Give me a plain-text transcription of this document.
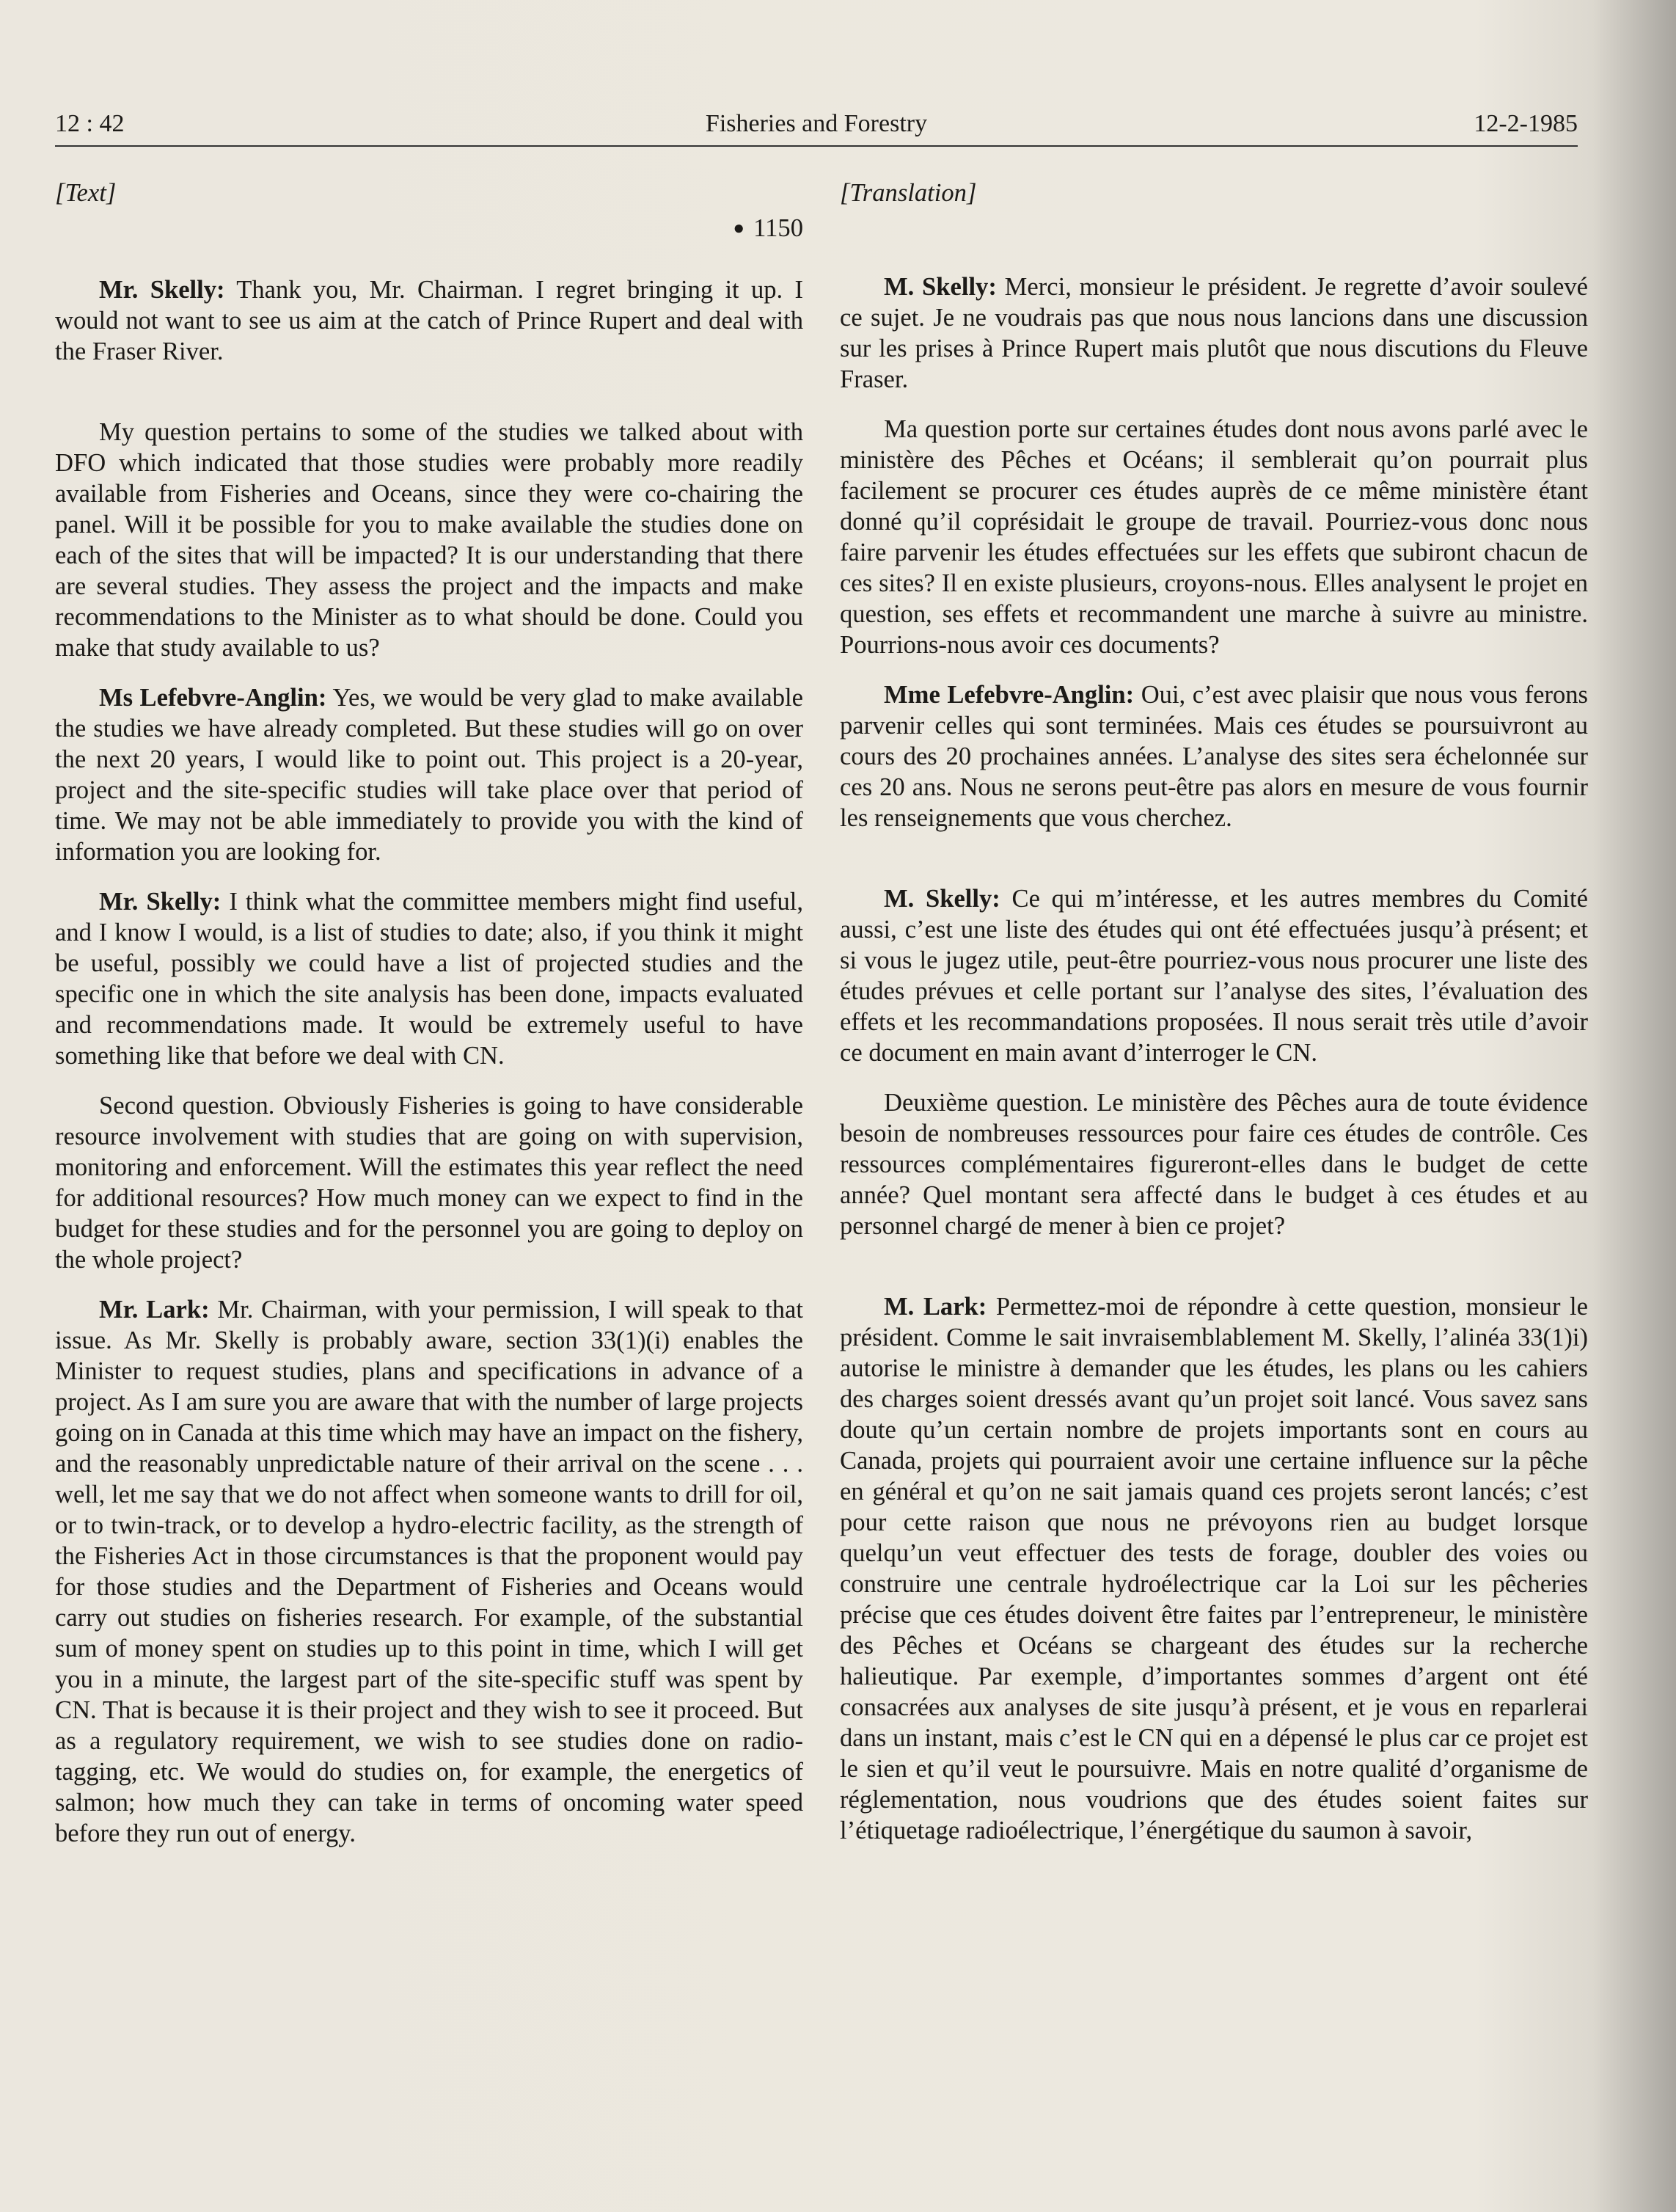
12 : 42	Fisheries and Forestry	12-2-1985
[Text]
● 1150

Mr. Skelly: Thank you, Mr. Chairman. I regret bringing it up. I would not want to see us aim at the catch of Prince Rupert and deal with the Fraser River.

My question pertains to some of the studies we talked about with DFO which indicated that those studies were probably more readily available from Fisheries and Oceans, since they were co-chairing the panel. Will it be possible for you to make available the studies done on each of the sites that will be impacted? It is our understanding that there are several studies. They assess the project and the impacts and make recommendations to the Minister as to what should be done. Could you make that study available to us?

Ms Lefebvre-Anglin: Yes, we would be very glad to make available the studies we have already completed. But these studies will go on over the next 20 years, I would like to point out. This project is a 20-year, project and the site-specific studies will take place over that period of time. We may not be able immediately to provide you with the kind of information you are looking for.

Mr. Skelly: I think what the committee members might find useful, and I know I would, is a list of studies to date; also, if you think it might be useful, possibly we could have a list of projected studies and the specific one in which the site analysis has been done, impacts evaluated and recommendations made. It would be extremely useful to have something like that before we deal with CN.

Second question. Obviously Fisheries is going to have considerable resource involvement with studies that are going on with supervision, monitoring and enforcement. Will the estimates this year reflect the need for additional resources? How much money can we expect to find in the budget for these studies and for the personnel you are going to deploy on the whole project?

Mr. Lark: Mr. Chairman, with your permission, I will speak to that issue. As Mr. Skelly is probably aware, section 33(1)(i) enables the Minister to request studies, plans and specifications in advance of a project. As I am sure you are aware that with the number of large projects going on in Canada at this time which may have an impact on the fishery, and the reasonably unpredictable nature of their arrival on the scene . . . well, let me say that we do not affect when someone wants to drill for oil, or to twin-track, or to develop a hydro-electric facility, as the strength of the Fisheries Act in those circumstances is that the proponent would pay for those studies and the Department of Fisheries and Oceans would carry out studies on fisheries research. For example, of the substantial sum of money spent on studies up to this point in time, which I will get you in a minute, the largest part of the site-specific stuff was spent by CN. That is because it is their project and they wish to see it proceed. But as a regulatory requirement, we wish to see studies done on radio-tagging, etc. We would do studies on, for example, the energetics of salmon; how much they can take in terms of oncoming water speed before they run out of energy.

[Translation]

M. Skelly: Merci, monsieur le président. Je regrette d’avoir soulevé ce sujet. Je ne voudrais pas que nous nous lancions dans une discussion sur les prises à Prince Rupert mais plutôt que nous discutions du Fleuve Fraser.

Ma question porte sur certaines études dont nous avons parlé avec le ministère des Pêches et Océans; il semblerait qu’on pourrait plus facilement se procurer ces études auprès de ce même ministère étant donné qu’il coprésidait le groupe de travail. Pourriez-vous donc nous faire parvenir les études effectuées sur les effets que subiront chacun de ces sites? Il en existe plusieurs, croyons-nous. Elles analysent le projet en question, ses effets et recommandent une marche à suivre au ministre. Pourrions-nous avoir ces documents?

Mme Lefebvre-Anglin: Oui, c’est avec plaisir que nous vous ferons parvenir celles qui sont terminées. Mais ces études se poursuivront au cours des 20 prochaines années. L’analyse des sites sera échelonnée sur ces 20 ans. Nous ne serons peut-être pas alors en mesure de vous fournir les renseignements que vous cherchez.

M. Skelly: Ce qui m’intéresse, et les autres membres du Comité aussi, c’est une liste des études qui ont été effectuées jusqu’à présent; et si vous le jugez utile, peut-être pourriez-vous nous procurer une liste des études prévues et celle portant sur l’analyse des sites, l’évaluation des effets et les recommandations proposées. Il nous serait très utile d’avoir ce document en main avant d’interroger le CN.

Deuxième question. Le ministère des Pêches aura de toute évidence besoin de nombreuses ressources pour faire ces études de contrôle. Ces ressources complémentaires figureront-elles dans le budget de cette année? Quel montant sera affecté dans le budget à ces études et au personnel chargé de mener à bien ce projet?

M. Lark: Permettez-moi de répondre à cette question, monsieur le président. Comme le sait invraisemblablement M. Skelly, l’alinéa 33(1)i) autorise le ministre à demander que les études, les plans ou les cahiers des charges soient dressés avant qu’un projet soit lancé. Vous savez sans doute qu’un certain nombre de projets importants sont en cours au Canada, projets qui pourraient avoir une certaine influence sur la pêche en général et qu’on ne sait jamais quand ces projets seront lancés; c’est pour cette raison que nous ne prévoyons rien au budget lorsque quelqu’un veut effectuer des tests de forage, doubler des voies ou construire une centrale hydroélectrique car la Loi sur les pêcheries précise que ces études doivent être faites par l’entrepreneur, le ministère des Pêches et Océans se chargeant des études sur la recherche halieutique. Par exemple, d’importantes sommes d’argent ont été consacrées aux analyses de site jusqu’à présent, et je vous en reparlerai dans un instant, mais c’est le CN qui en a dépensé le plus car ce projet est le sien et qu’il veut le poursuivre. Mais en notre qualité d’organisme de réglementation, nous voudrions que des études soient faites sur l’étiquetage radioélectrique, l’énergétique du saumon à savoir,
